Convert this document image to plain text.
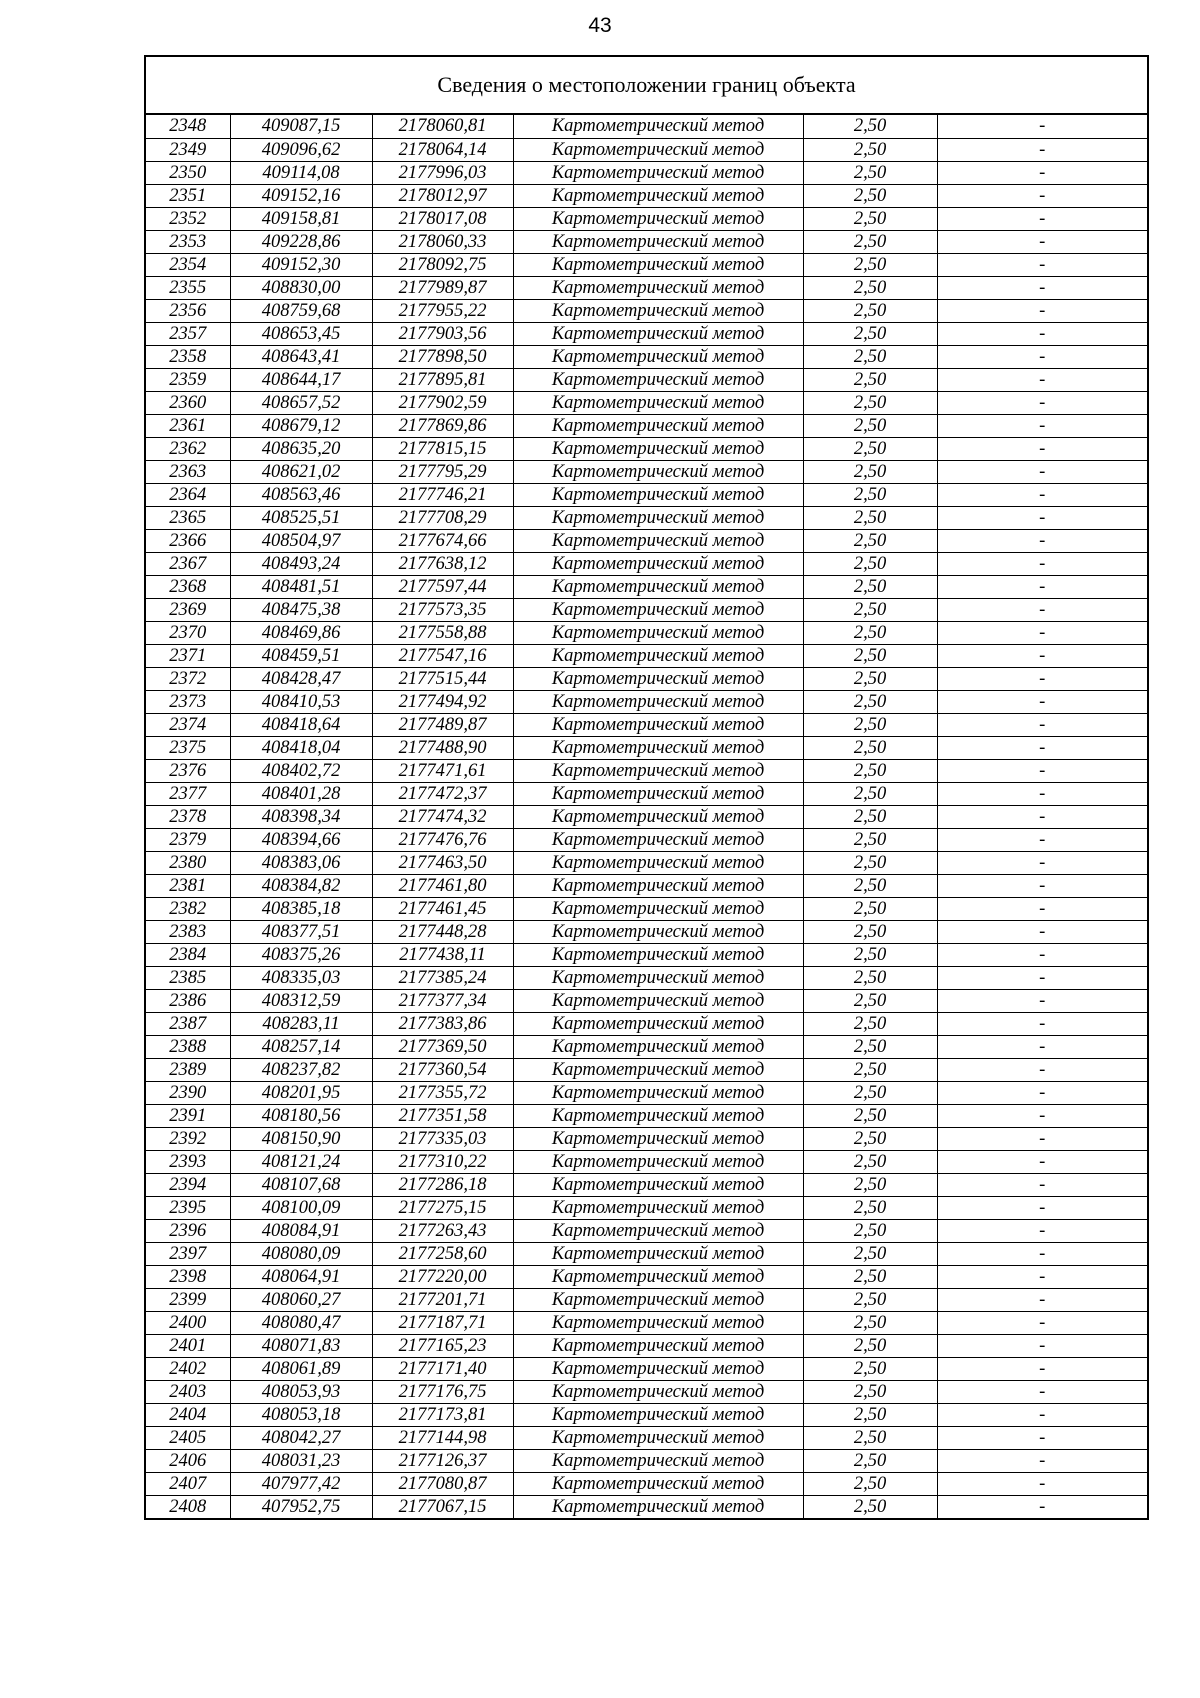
43
Сведения о местоположении границ объекта
2348	409087,15	2178060,81	Картометрический метод	2,50	-
2349	409096,62	2178064,14	Картометрический метод	2,50	-
2350	409114,08	2177996,03	Картометрический метод	2,50	-
2351	409152,16	2178012,97	Картометрический метод	2,50	-
2352	409158,81	2178017,08	Картометрический метод	2,50	-
2353	409228,86	2178060,33	Картометрический метод	2,50	-
2354	409152,30	2178092,75	Картометрический метод	2,50	-
2355	408830,00	2177989,87	Картометрический метод	2,50	-
2356	408759,68	2177955,22	Картометрический метод	2,50	-
2357	408653,45	2177903,56	Картометрический метод	2,50	-
2358	408643,41	2177898,50	Картометрический метод	2,50	-
2359	408644,17	2177895,81	Картометрический метод	2,50	-
2360	408657,52	2177902,59	Картометрический метод	2,50	-
2361	408679,12	2177869,86	Картометрический метод	2,50	-
2362	408635,20	2177815,15	Картометрический метод	2,50	-
2363	408621,02	2177795,29	Картометрический метод	2,50	-
2364	408563,46	2177746,21	Картометрический метод	2,50	-
2365	408525,51	2177708,29	Картометрический метод	2,50	-
2366	408504,97	2177674,66	Картометрический метод	2,50	-
2367	408493,24	2177638,12	Картометрический метод	2,50	-
2368	408481,51	2177597,44	Картометрический метод	2,50	-
2369	408475,38	2177573,35	Картометрический метод	2,50	-
2370	408469,86	2177558,88	Картометрический метод	2,50	-
2371	408459,51	2177547,16	Картометрический метод	2,50	-
2372	408428,47	2177515,44	Картометрический метод	2,50	-
2373	408410,53	2177494,92	Картометрический метод	2,50	-
2374	408418,64	2177489,87	Картометрический метод	2,50	-
2375	408418,04	2177488,90	Картометрический метод	2,50	-
2376	408402,72	2177471,61	Картометрический метод	2,50	-
2377	408401,28	2177472,37	Картометрический метод	2,50	-
2378	408398,34	2177474,32	Картометрический метод	2,50	-
2379	408394,66	2177476,76	Картометрический метод	2,50	-
2380	408383,06	2177463,50	Картометрический метод	2,50	-
2381	408384,82	2177461,80	Картометрический метод	2,50	-
2382	408385,18	2177461,45	Картометрический метод	2,50	-
2383	408377,51	2177448,28	Картометрический метод	2,50	-
2384	408375,26	2177438,11	Картометрический метод	2,50	-
2385	408335,03	2177385,24	Картометрический метод	2,50	-
2386	408312,59	2177377,34	Картометрический метод	2,50	-
2387	408283,11	2177383,86	Картометрический метод	2,50	-
2388	408257,14	2177369,50	Картометрический метод	2,50	-
2389	408237,82	2177360,54	Картометрический метод	2,50	-
2390	408201,95	2177355,72	Картометрический метод	2,50	-
2391	408180,56	2177351,58	Картометрический метод	2,50	-
2392	408150,90	2177335,03	Картометрический метод	2,50	-
2393	408121,24	2177310,22	Картометрический метод	2,50	-
2394	408107,68	2177286,18	Картометрический метод	2,50	-
2395	408100,09	2177275,15	Картометрический метод	2,50	-
2396	408084,91	2177263,43	Картометрический метод	2,50	-
2397	408080,09	2177258,60	Картометрический метод	2,50	-
2398	408064,91	2177220,00	Картометрический метод	2,50	-
2399	408060,27	2177201,71	Картометрический метод	2,50	-
2400	408080,47	2177187,71	Картометрический метод	2,50	-
2401	408071,83	2177165,23	Картометрический метод	2,50	-
2402	408061,89	2177171,40	Картометрический метод	2,50	-
2403	408053,93	2177176,75	Картометрический метод	2,50	-
2404	408053,18	2177173,81	Картометрический метод	2,50	-
2405	408042,27	2177144,98	Картометрический метод	2,50	-
2406	408031,23	2177126,37	Картометрический метод	2,50	-
2407	407977,42	2177080,87	Картометрический метод	2,50	-
2408	407952,75	2177067,15	Картометрический метод	2,50	-
